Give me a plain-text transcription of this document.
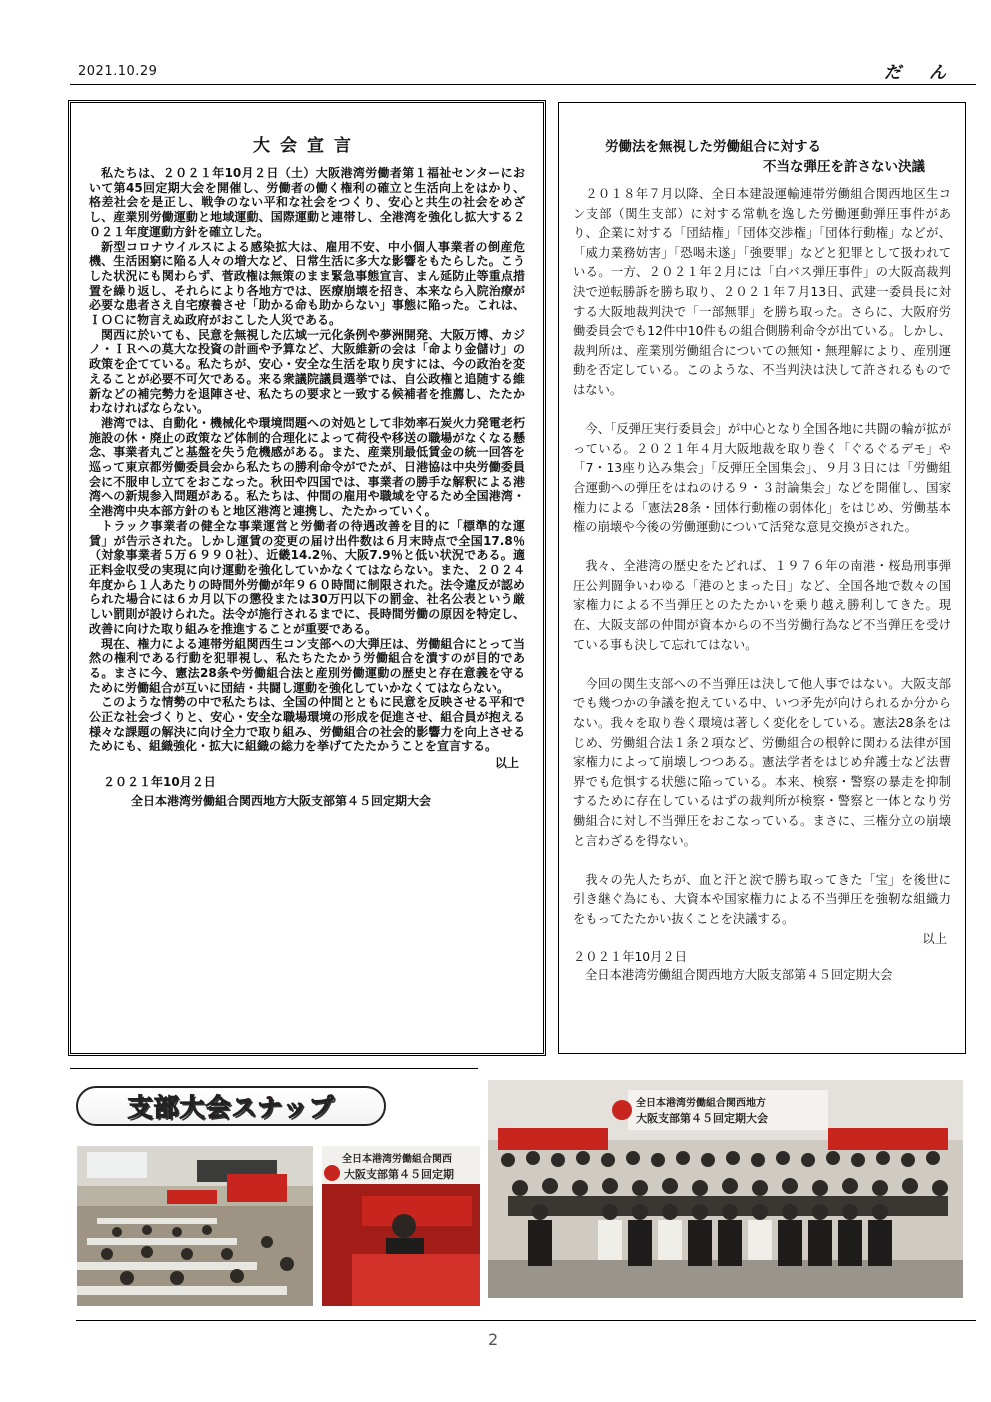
2021.10.29	だん
大会宣言

私たちは、２０２１年10月２日（土）大阪港湾労働者第１福祉センターにおいて第45回定期大会を開催し、労働者の働く権利の確立と生活向上をはかり、格差社会を是正し、戦争のない平和な社会をつくり、安心と共生の社会をめざし、産業別労働運動と地域運動、国際運動と連帯し、全港湾を強化し拡大する２０２１年度運動方針を確立した。

新型コロナウイルスによる感染拡大は、雇用不安、中小個人事業者の倒産危機、生活困窮に陥る人々の増大など、日常生活に多大な影響をもたらした。こうした状況にも関わらず、菅政権は無策のまま緊急事態宣言、まん延防止等重点措置を繰り返し、それらにより各地方では、医療崩壊を招き、本来なら入院治療が必要な患者さえ自宅療養させ「助かる命も助からない」事態に陥った。これは、ＩＯＣに物言えぬ政府がおこした人災である。

関西に於いても、民意を無視した広域一元化条例や夢洲開発、大阪万博、カジノ・ＩＲへの莫大な投資の計画や予算など、大阪維新の会は「命より金儲け」の政策を企てている。私たちが、安心・安全な生活を取り戻すには、今の政治を変えることが必要不可欠である。来る衆議院議員選挙では、自公政権と追随する維新などの補完勢力を退陣させ、私たちの要求と一致する候補者を推薦し、たたかわなければならない。

港湾では、自動化・機械化や環境問題への対処として非効率石炭火力発電老朽施設の休・廃止の政策など体制的合理化によって荷役や移送の職場がなくなる懸念、事業者丸ごと基盤を失う危機感がある。また、産業別最低賃金の統一回答を巡って東京都労働委員会から私たちの勝利命令がでたが、日港協は中央労働委員会に不服申し立てをおこなった。秋田や四国では、事業者の勝手な解釈による港湾への新規参入問題がある。私たちは、仲間の雇用や職域を守るため全国港湾・全港湾中央本部方針のもと地区港湾と連携し、たたかっていく。

トラック事業者の健全な事業運営と労働者の待遇改善を目的に「標準的な運賃」が告示された。しかし運賃の変更の届け出件数は６月末時点で全国17.8％（対象事業者５万６９９０社）、近畿14.2％、大阪7.9％と低い状況である。適正料金収受の実現に向け運動を強化していかなくてはならない。また、２０２４年度から１人あたりの時間外労働が年９６０時間に制限された。法令違反が認められた場合には６カ月以下の懲役または30万円以下の罰金、社名公表という厳しい罰則が設けられた。法令が施行されるまでに、長時間労働の原因を特定し、改善に向けた取り組みを推進することが重要である。

現在、権力による連帯労組関西生コン支部への大弾圧は、労働組合にとって当然の権利である行動を犯罪視し、私たちたたかう労働組合を潰すのが目的である。まさに今、憲法28条や労働組合法と産別労働運動の歴史と存在意義を守るために労働組合が互いに団結・共闘し運動を強化していかなくてはならない。

このような情勢の中で私たちは、全国の仲間とともに民意を反映させる平和で公正な社会づくりと、安心・安全な職場環境の形成を促進させ、組合員が抱える様々な課題の解決に向け全力で取り組み、労働組合の社会的影響力を向上させるためにも、組織強化・拡大に組織の総力を挙げてたたかうことを宣言する。

以上

２０２１年10月２日

全日本港湾労働組合関西地方大阪支部第４５回定期大会

労働法を無視した労働組合に対する
不当な弾圧を許さない決議

２０１８年７月以降、全日本建設運輸連帯労働組合関西地区生コン支部（関生支部）に対する常軌を逸した労働運動弾圧事件があり、企業に対する「団結権」「団体交渉権」「団体行動権」などが、「威力業務妨害」「恐喝未遂」「強要罪」などと犯罪として扱われている。一方、２０２１年２月には「白バス弾圧事件」の大阪高裁判決で逆転勝訴を勝ち取り、２０２１年７月13日、武建一委員長に対する大阪地裁判決で「一部無罪」を勝ち取った。さらに、大阪府労働委員会でも12件中10件もの組合側勝利命令が出ている。しかし、裁判所は、産業別労働組合についての無知・無理解により、産別運動を否定している。このような、不当判決は決して許されるものではない。

今、「反弾圧実行委員会」が中心となり全国各地に共闘の輪が拡がっている。２０２１年４月大阪地裁を取り巻く「ぐるぐるデモ」や「7・13座り込み集会」「反弾圧全国集会」、９月３日には「労働組合運動への弾圧をはねのける９・３討論集会」などを開催し、国家権力による「憲法28条・団体行動権の弱体化」をはじめ、労働基本権の崩壊や今後の労働運動について活発な意見交換がされた。

我々、全港湾の歴史をたどれば、１９７６年の南港・桜島刑事弾圧公判闘争いわゆる「港のとまった日」など、全国各地で数々の国家権力による不当弾圧とのたたかいを乗り越え勝利してきた。現在、大阪支部の仲間が資本からの不当労働行為など不当弾圧を受けている事も決して忘れてはない。

今回の関生支部への不当弾圧は決して他人事ではない。大阪支部でも幾つかの争議を抱えている中、いつ矛先が向けられるか分からない。我々を取り巻く環境は著しく変化をしている。憲法28条をはじめ、労働組合法１条２項など、労働組合の根幹に関わる法律が国家権力によって崩壊しつつある。憲法学者をはじめ弁護士など法曹界でも危惧する状態に陥っている。本来、検察・警察の暴走を抑制するために存在しているはずの裁判所が検察・警察と一体となり労働組合に対し不当弾圧をおこなっている。まさに、三権分立の崩壊と言わざるを得ない。

我々の先人たちが、血と汗と涙で勝ち取ってきた「宝」を後世に引き継ぐ為にも、大資本や国家権力による不当弾圧を強靭な組織力をもってたたかい抜くことを決議する。

以上

２０２１年10月２日

全日本港湾労働組合関西地方大阪支部第４５回定期大会

支部大会スナップ
全日本港湾労働組合関西
大阪支部第４５回定期
全日本港湾労働組合関西地方
大阪支部第４５回定期大会
2
